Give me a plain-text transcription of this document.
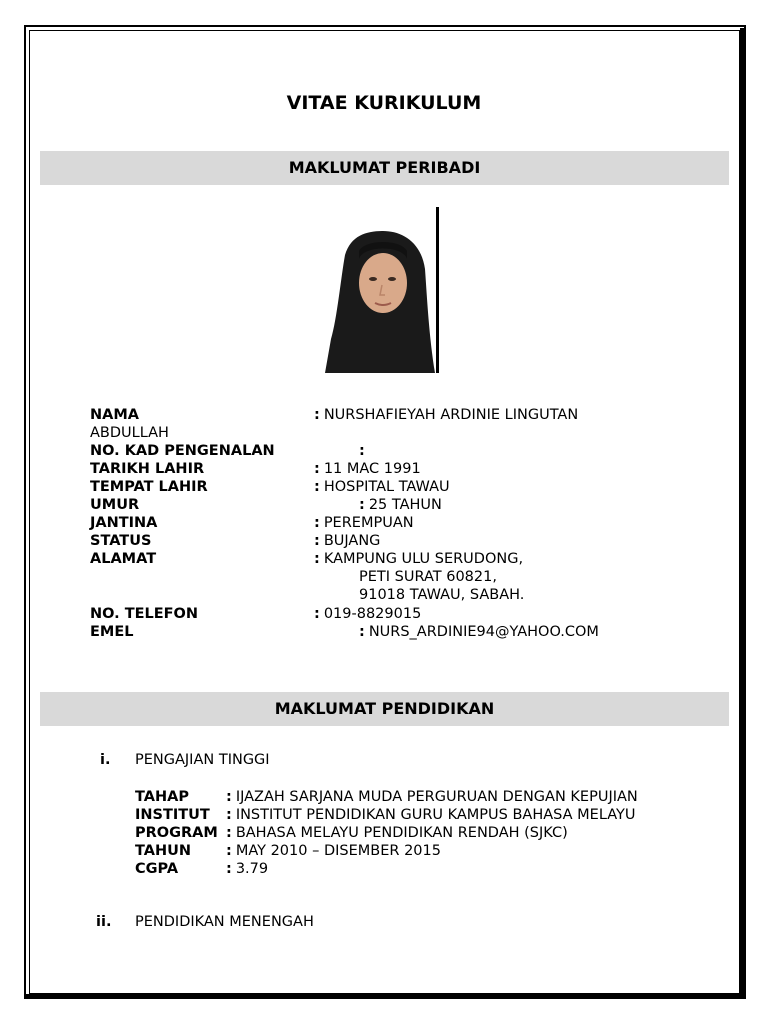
VITAE KURIKULUM
MAKLUMAT PERIBADI
NAMA	: NURSHAFIEYAH ARDINIE LINGUTAN
ABDULLAH
NO. KAD PENGENALAN	:
TARIKH LAHIR	: 11 MAC 1991
TEMPAT LAHIR	: HOSPITAL TAWAU
UMUR	: 25 TAHUN
JANTINA	: PEREMPUAN
STATUS	: BUJANG
ALAMAT	: KAMPUNG ULU SERUDONG,
PETI SURAT 60821,
91018 TAWAU, SABAH.
NO. TELEFON	: 019-8829015
EMEL	: NURS_ARDINIE94@YAHOO.COM
MAKLUMAT PENDIDIKAN
i. PENGAJIAN TINGGI
TAHAP	: IJAZAH SARJANA MUDA PERGURUAN DENGAN KEPUJIAN
INSTITUT : INSTITUT PENDIDIKAN GURU KAMPUS BAHASA MELAYU
PROGRAM : BAHASA MELAYU PENDIDIKAN RENDAH (SJKC)
TAHUN : MAY 2010 – DISEMBER 2015
CGPA	: 3.79
ii. PENDIDIKAN MENENGAH
